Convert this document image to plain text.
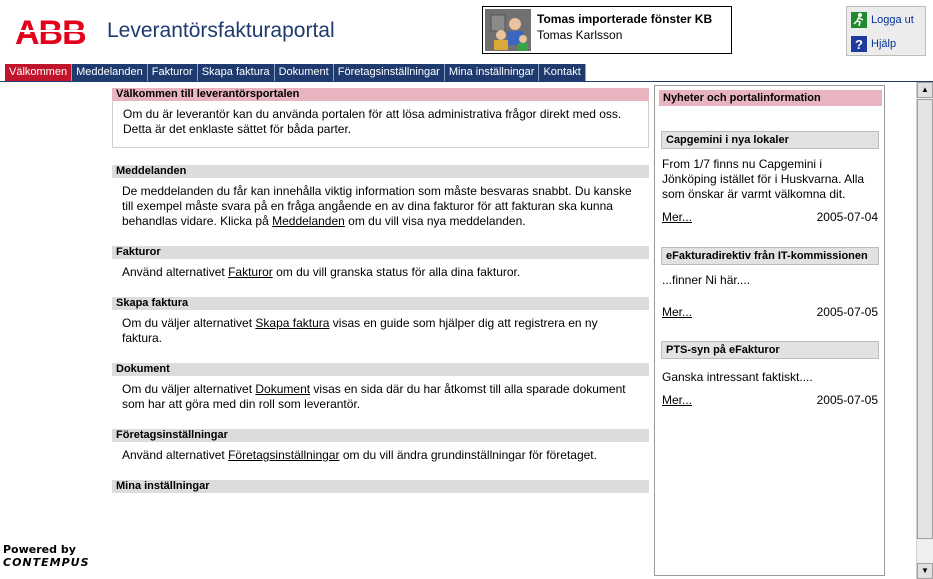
ABB Leverantörsfakturaportal	Tomas importerade fönster KB
Tomas Karlsson
Logga ut
? Hjälp
Välkommen Meddelanden Fakturor Skapa faktura Dokument Företagsinställningar Mina inställningar Kontakt
Välkommen till leverantörsportalen
Om du är leverantör kan du använda portalen för att lösa administrativa frågor direkt med oss. Detta är det enklaste sättet för båda parter.
Meddelanden
De meddelanden du får kan innehålla viktig information som måste besvaras snabbt. Du kanske till exempel måste svara på en fråga angående en av dina fakturor för att fakturan ska kunna behandlas vidare. Klicka på Meddelanden om du vill visa nya meddelanden.
Fakturor
Använd alternativet Fakturor om du vill granska status för alla dina fakturor.
Skapa faktura
Om du väljer alternativet Skapa faktura visas en guide som hjälper dig att registrera en ny faktura.
Dokument
Om du väljer alternativet Dokument visas en sida där du har åtkomst till alla sparade dokument som har att göra med din roll som leverantör.
Företagsinställningar
Använd alternativet Företagsinställningar om du vill ändra grundinställningar för företaget.
Mina inställningar
Nyheter och portalinformation
Capgemini i nya lokaler
From 1/7 finns nu Capgemini i Jönköping istället för i Huskvarna. Alla som önskar är varmt välkomna dit.
Mer...	2005-07-04
eFakturadirektiv från IT-kommissionen
...finner Ni här....
Mer...	2005-07-05
PTS-syn på eFakturor
Ganska intressant faktiskt....
Mer...	2005-07-05
▲
▼
Powered by
CONTEMPUS
